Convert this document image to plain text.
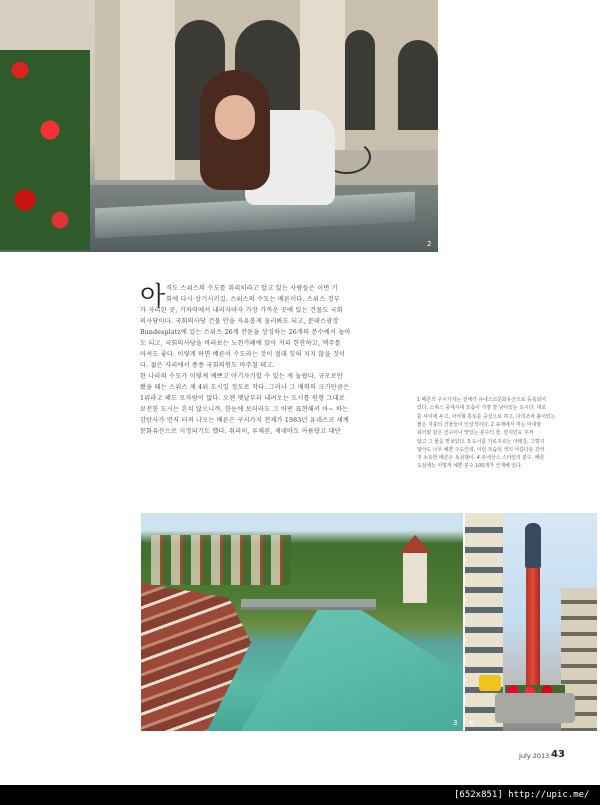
2
아 직도 스위스의 수도를 취리히라고 알고 있는 사람들은 이번 기
회에 다시 상기시키길. 스위스의 수도는 베른이다. 스위스 정부
가 자리한 곳, 기차역에서 내리자마자 가장 가까운 곳에 있는 건물도 국회
의사당이다. 국회의사당 건물 안을 자유롭게 둘러봐도 되고, 분데스광장
Bundesplatz에 있는 스위스 26개 칸톤을 상징하는 26개의 분수에서 놀아
도 되고, 국회의사당을 바라보는 노천카페에 앉아 커피 한잔하고, 맥주를
마셔도 좋다. 이렇게 하면 베른이 수도라는 것이 절대 잊혀 지지 않을 것이
다. 젊은 자리에서 종종 국회의원도 마주칠 테고.
한 나라의 수도가 이렇게 예쁘고 아기자기할 수 있는 게 놀랍다. 규모로만
봤을 때는 스위스 제 4위 도시일 정도로 작다. 그러나 그 매력의 크기만큼은
1위라고 해도 모자람이 없다. 오랜 옛날부터 내려오는 도시를 원형 그대로
보전한 도시는 흔치 않으니까. 한눈에 보더라도 그 어떤 표현해서 아~ 하는
감탄사가 먼저 터져 나오는 베른은 구시가지 전체가 1983년 유네스코 세계
문화유산으로 지정되기도 했다. 취리히, 루체른, 제네바도 아름답고 대단
1 베른의 구시가지는 전체가 유네스코문화유산으로 등록되어
있다. 스위스 중세시대 모습이 가장 잘 남아있는 도시다. 대로
를 사이에 두고, 아치형 통로를 중심으로 하고, 다리조차 붙어있는
붉은 지붕의 건물들이 인상적이다. 2 유래에서 마는 이네랄
워터와 같은 건수이나 맛있는 분수의 물. 한지민도 주저
않고 그 물을 맛보았다. 3 도시를 가로지르는 아레강. 그렇지
않아도 너무 예쁜 수도인데, 이런 모습된 색의 아름다운 강까
지 소유한 베른은 욕심쟁이. 4 르네상스 스타일의 분수. 베른
도심에는 이렇게 예쁜 분수 100개가 산재해 있다.
3 4
July 2013 43
[652x851] http://upic.me/
